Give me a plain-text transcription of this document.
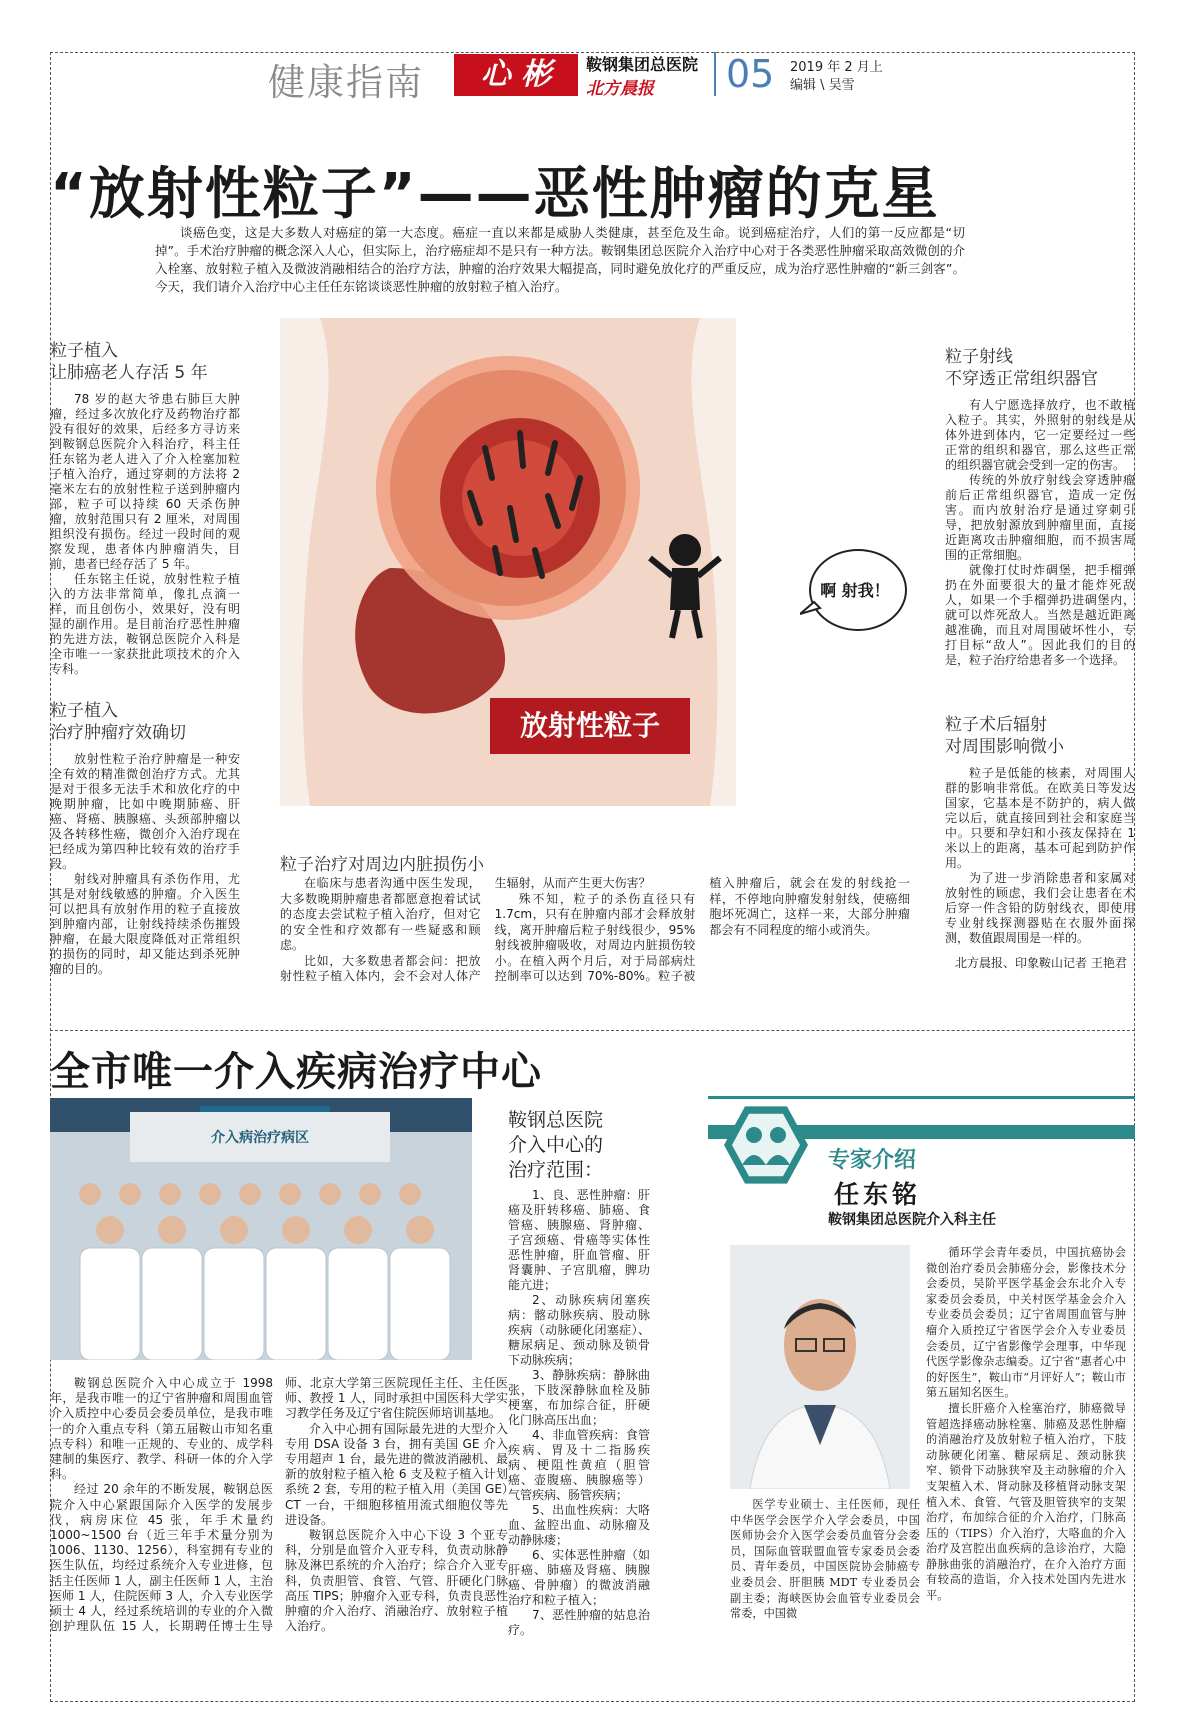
健康指南	心 彬	鞍钢集团总医院
北方晨报 05 2019 年 2 月上
编辑 \ 吴雪
“放射性粒子”——恶性肿瘤的克星
谈癌色变，这是大多数人对癌症的第一大态度。癌症一直以来都是威胁人类健康，甚至危及生命。说到癌症治疗，人们的第一反应都是“切掉”。手术治疗肿瘤的概念深入人心，但实际上，治疗癌症却不是只有一种方法。鞍钢集团总医院介入治疗中心对于各类恶性肿瘤采取高效微创的介入栓塞、放射粒子植入及微波消融相结合的治疗方法，肿瘤的治疗效果大幅提高，同时避免放化疗的严重反应，成为治疗恶性肿瘤的“新三剑客”。今天，我们请介入治疗中心主任任东铭谈谈恶性肿瘤的放射粒子植入治疗。
粒子植入
让肺癌老人存活 5 年

78 岁的赵大爷患右肺巨大肿瘤，经过多次放化疗及药物治疗都没有很好的效果，后经多方寻访来到鞍钢总医院介入科治疗，科主任任东铭为老人进入了介入栓塞加粒子植入治疗，通过穿刺的方法将 2 毫米左右的放射性粒子送到肿瘤内部，粒子可以持续 60 天杀伤肿瘤，放射范围只有 2 厘米，对周围组织没有损伤。经过一段时间的观察发现，患者体内肿瘤消失，目前，患者已经存活了 5 年。

任东铭主任说，放射性粒子植入的方法非常简单，像扎点滴一样，而且创伤小，效果好，没有明显的副作用。是目前治疗恶性肿瘤的先进方法，鞍钢总医院介入科是全市唯一一家获批此项技术的介入专科。

粒子植入
治疗肿瘤疗效确切

放射性粒子治疗肿瘤是一种安全有效的精准微创治疗方式。尤其是对于很多无法手术和放化疗的中晚期肿瘤，比如中晚期肺癌、肝癌、肾癌、胰腺癌、头颈部肿瘤以及各转移性癌，微创介入治疗现在已经成为第四种比较有效的治疗手段。

射线对肿瘤具有杀伤作用，尤其是对射线敏感的肿瘤。介入医生可以把具有放射作用的粒子直接放到肿瘤内部，让射线持续杀伤摧毁肿瘤，在最大限度降低对正常组织的损伤的同时，却又能达到杀死肿瘤的目的。

放射性粒子
啊 射我！
粒子射线
不穿透正常组织器官

有人宁愿选择放疗，也不敢植入粒子。其实，外照射的射线是从体外进到体内，它一定要经过一些正常的组织和器官，那么这些正常的组织器官就会受到一定的伤害。

传统的外放疗射线会穿透肿瘤前后正常组织器官，造成一定伤害。而内放射治疗是通过穿刺引导，把放射源放到肿瘤里面，直接近距离攻击肿瘤细胞，而不损害周围的正常细胞。

就像打仗时炸碉堡，把手榴弹扔在外面要很大的量才能炸死敌人，如果一个手榴弹扔进碉堡内，就可以炸死敌人。当然是越近距离越准确，而且对周围破坏性小，专打目标“敌人”。因此我们的目的是，粒子治疗给患者多一个选择。

粒子术后辐射
对周围影响微小

粒子是低能的核素，对周围人群的影响非常低。在欧美日等发达国家，它基本是不防护的，病人做完以后，就直接回到社会和家庭当中。只要和孕妇和小孩友保持在 1 米以上的距离，基本可起到防护作用。

为了进一步消除患者和家属对放射性的顾虑，我们会让患者在术后穿一件含铅的防射线衣，即使用专业射线探测器贴在衣服外面探测，数值跟周围是一样的。

粒子治疗对周边内脏损伤小

在临床与患者沟通中医生发现，大多数晚期肿瘤患者都愿意抱着试试的态度去尝试粒子植入治疗，但对它的安全性和疗效都有一些疑惑和顾虑。

比如，大多数患者都会问：把放射性粒子植入体内，会不会对人体产生辐射，从而产生更大伤害？

殊不知，粒子的杀伤直径只有 1.7cm，只有在肿瘤内部才会释放射线，离开肿瘤后粒子射线很少，95% 射线被肿瘤吸收，对周边内脏损伤较小。在植入两个月后，对于局部病灶控制率可以达到 70%-80%。粒子被植入肿瘤后，就会在发的射线抢一样，不停地向肿瘤发射射线，使癌细胞坏死凋亡，这样一来，大部分肿瘤都会有不同程度的缩小或消失。

北方晨报、印象鞍山记者 王艳君
全市唯一介入疾病治疗中心
介入病治疗病区

鞍钢总医院介入中心成立于 1998 年，是我市唯一的辽宁省肿瘤和周围血管介入质控中心委员会委员单位，是我市唯一的介入重点专科（第五届鞍山市知名重点专科）和唯一正规的、专业的、成学科建制的集医疗、教学、科研一体的介入学科。

经过 20 余年的不断发展，鞍钢总医院介入中心紧跟国际介入医学的发展步伐，病房床位 45 张，年手术量约 1000~1500 台（近三年手术量分别为 1006、1130、1256），科室拥有专业的医生队伍，均经过系统介入专业进修，包括主任医师 1 人，副主任医师 1 人，主治医师 1 人，住院医师 3 人，介入专业医学硕士 4 人，经过系统培训的专业的介入微创护理队伍 15 人，长期聘任博士生导师、北京大学第三医院现任主任、主任医师、教授 1 人，同时承担中国医科大学实习教学任务及辽宁省住院医师培训基地。

介入中心拥有国际最先进的大型介入专用 DSA 设备 3 台，拥有美国 GE 介入专用超声 1 台，最先进的微波消融机、最新的放射粒子植入枪 6 支及粒子植入计划系统 2 套，专用的粒子植入用（美国 GE）CT 一台，干细胞移植用流式细胞仪等先进设备。

鞍钢总医院介入中心下设 3 个亚专科，分别是血管介入亚专科，负责动脉静脉及淋巴系统的介入治疗；综合介入亚专科，负责胆管、食管、气管、肝硬化门脉高压 TIPS；肿瘤介入亚专科，负责良恶性肿瘤的介入治疗、消融治疗、放射粒子植入治疗。

鞍钢总医院
介入中心的
治疗范围：

1、良、恶性肿瘤：肝癌及肝转移癌、肺癌、食管癌、胰腺癌、肾肿瘤、子宫颈癌、骨癌等实体性恶性肿瘤，肝血管瘤、肝肾囊肿、子宫肌瘤，脾功能亢进；

2、动脉疾病闭塞疾病：髂动脉疾病、股动脉疾病（动脉硬化闭塞症）、糖尿病足、颈动脉及锁骨下动脉疾病；

3、静脉疾病：静脉曲张，下肢深静脉血栓及肺梗塞，布加综合征，肝硬化门脉高压出血；

4、非血管疾病：食管疾病、胃及十二指肠疾病、梗阻性黄疸（胆管癌、壶腹癌、胰腺癌等）气管疾病、肠管疾病；

5、出血性疾病：大咯血、盆腔出血、动脉瘤及动静脉瘘；

6、实体恶性肿瘤（如肝癌、肺癌及肾癌、胰腺癌、骨肿瘤）的微波消融治疗和粒子植入；

7、恶性肿瘤的姑息治疗。

专家介绍
任东铭
鞍钢集团总医院介入科主任

循环学会青年委员，中国抗癌协会微创治疗委员会肺癌分会，影像技术分会委员，吴阶平医学基金会东北介入专家委员会委员，中关村医学基金会介入专业委员会委员；辽宁省周围血管与肿瘤介入质控辽宁省医学会介入专业委员会委员，辽宁省影像学会理事，中华现代医学影像杂志编委。辽宁省“惠者心中的好医生”，鞍山市“月评好人”；鞍山市第五届知名医生。

擅长肝癌介入栓塞治疗，肺癌微导管超选择癌动脉栓塞、肺癌及恶性肿瘤的消融治疗及放射粒子植入治疗，下肢动脉硬化闭塞、糖尿病足、颈动脉狭窄、锁骨下动脉狭窄及主动脉瘤的介入支架植入术、肾动脉及移植肾动脉支架植入术、食管、气管及胆管狭窄的支架治疗，布加综合征的介入治疗，门脉高压的（TIPS）介入治疗，大咯血的介入治疗及宫腔出血疾病的急诊治疗，大隐静脉曲张的消融治疗，在介入治疗方面有较高的造诣，介入技术处国内先进水平。

医学专业硕士、主任医师，现任中华医学会医学介入学会委员，中国医师协会介入医学会委员血管分会委员，国际血管联盟血管专家委员会委员、青年委员，中国医院协会肺癌专业委员会、肝胆胰 MDT 专业委员会副主委；海峡医协会血管专业委员会常委，中国微
